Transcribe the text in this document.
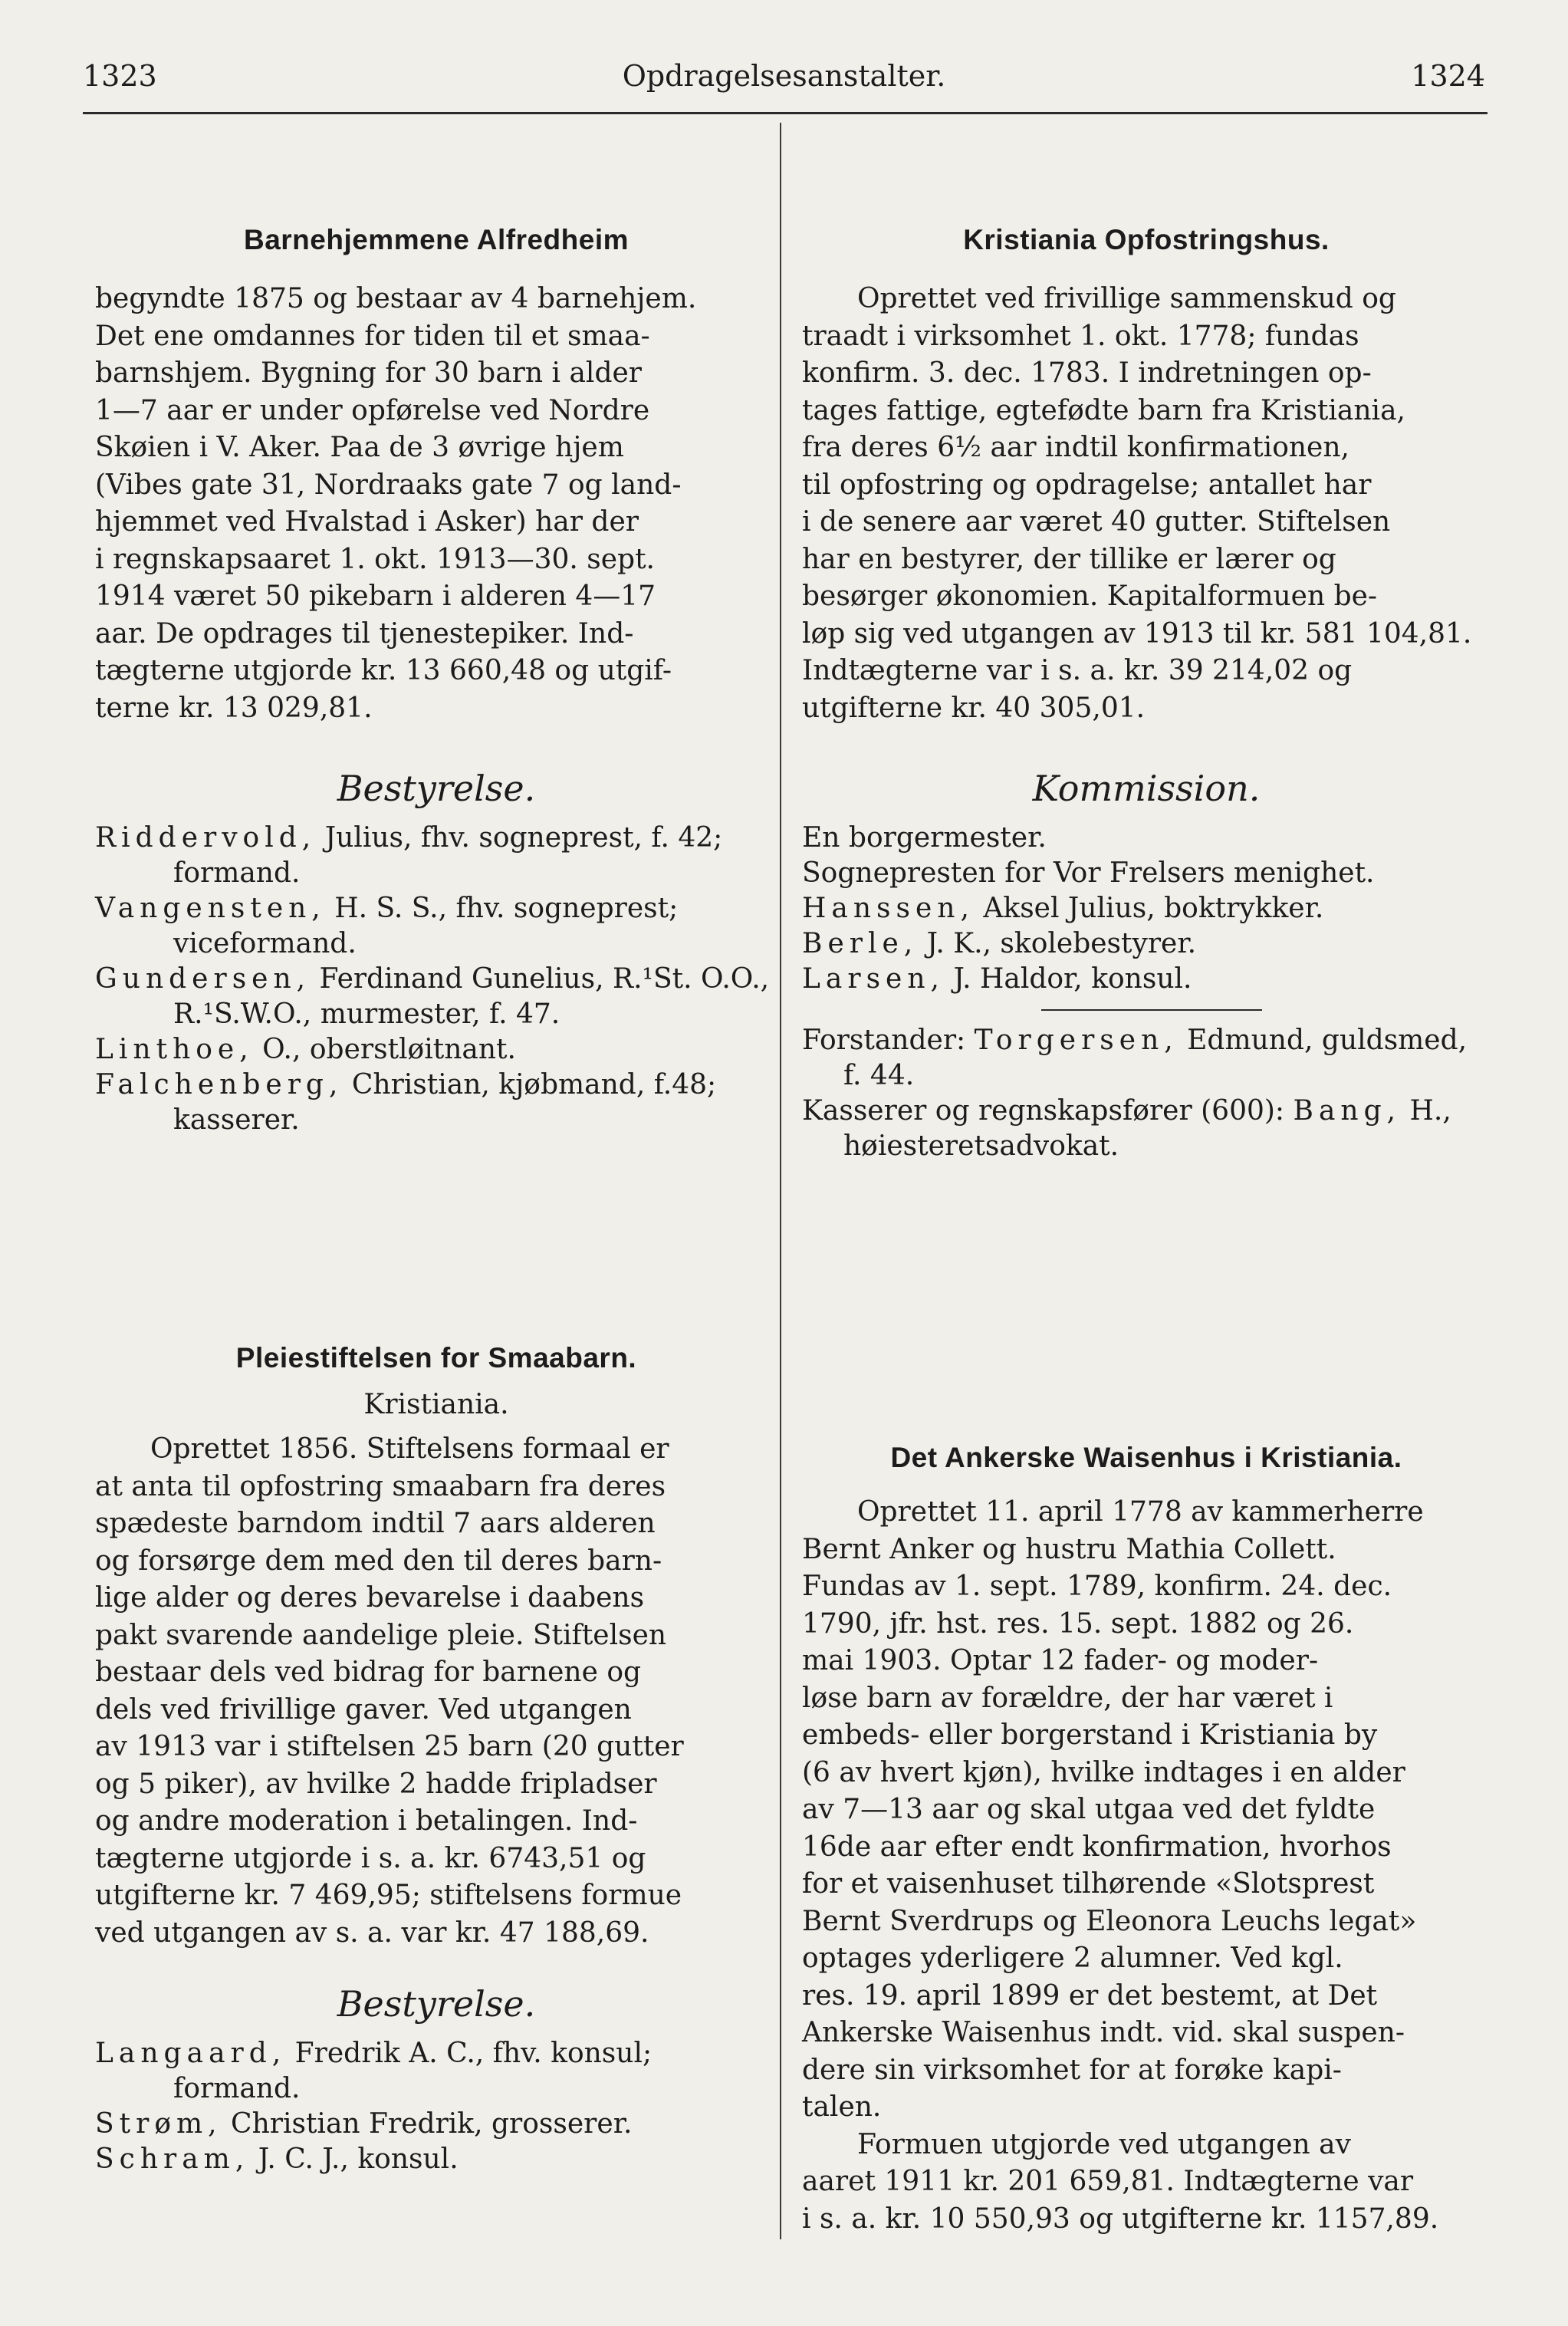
1323	Opdragelsesanstalter.	1324
Barnehjemmene Alfredheim
begyndte 1875 og bestaar av 4 barnehjem.
Det ene omdannes for tiden til et smaa-
barnshjem. Bygning for 30 barn i alder
1—7 aar er under opførelse ved Nordre
Skøien i V. Aker. Paa de 3 øvrige hjem
(Vibes gate 31, Nordraaks gate 7 og land-
hjemmet ved Hvalstad i Asker) har der
i regnskapsaaret 1. okt. 1913—30. sept.
1914 været 50 pikebarn i alderen 4—17
aar. De opdrages til tjenestepiker. Ind-
tægterne utgjorde kr. 13 660,48 og utgif-
terne kr. 13 029,81.
Bestyrelse.
Riddervold, Julius, fhv. sogneprest, f. 42; formand.
Vangensten, H. S. S., fhv. sogneprest; viceformand.
Gundersen, Ferdinand Gunelius, R.¹St. O.O., R.¹S.W.O., murmester, f. 47.
Linthoe, O., oberstløitnant.
Falchenberg, Christian, kjøbmand, f.48; kasserer.
Pleiestiftelsen for Smaabarn.
Kristiania.
Oprettet 1856. Stiftelsens formaal er
at anta til opfostring smaabarn fra deres
spædeste barndom indtil 7 aars alderen
og forsørge dem med den til deres barn-
lige alder og deres bevarelse i daabens
pakt svarende aandelige pleie. Stiftelsen
bestaar dels ved bidrag for barnene og
dels ved frivillige gaver. Ved utgangen
av 1913 var i stiftelsen 25 barn (20 gutter
og 5 piker), av hvilke 2 hadde fripladser
og andre moderation i betalingen. Ind-
tægterne utgjorde i s. a. kr. 6743,51 og
utgifterne kr. 7 469,95; stiftelsens formue
ved utgangen av s. a. var kr. 47 188,69.
Bestyrelse.
Langaard, Fredrik A. C., fhv. konsul; formand.
Strøm, Christian Fredrik, grosserer.
Schram, J. C. J., konsul.
Kristiania Opfostringshus.
Oprettet ved frivillige sammenskud og
traadt i virksomhet 1. okt. 1778; fundas
konfirm. 3. dec. 1783. I indretningen op-
tages fattige, egtefødte barn fra Kristiania,
fra deres 6½ aar indtil konfirmationen,
til opfostring og opdragelse; antallet har
i de senere aar været 40 gutter. Stiftelsen
har en bestyrer, der tillike er lærer og
besørger økonomien. Kapitalformuen be-
løp sig ved utgangen av 1913 til kr. 581 104,81.
Indtægterne var i s. a. kr. 39 214,02 og
utgifterne kr. 40 305,01.
Kommission.
En borgermester.
Sognepresten for Vor Frelsers menighet.
Hanssen, Aksel Julius, boktrykker.
Berle, J. K., skolebestyrer.
Larsen, J. Haldor, konsul.
Forstander: Torgersen, Edmund, guldsmed, f. 44.
Kasserer og regnskapsfører (600): Bang, H., høiesteretsadvokat.
Det Ankerske Waisenhus i Kristiania.
Oprettet 11. april 1778 av kammerherre
Bernt Anker og hustru Mathia Collett.
Fundas av 1. sept. 1789, konfirm. 24. dec.
1790, jfr. hst. res. 15. sept. 1882 og 26.
mai 1903. Optar 12 fader- og moder-
løse barn av forældre, der har været i
embeds- eller borgerstand i Kristiania by
(6 av hvert kjøn), hvilke indtages i en alder
av 7—13 aar og skal utgaa ved det fyldte
16de aar efter endt konfirmation, hvorhos
for et vaisenhuset tilhørende «Slotsprest
Bernt Sverdrups og Eleonora Leuchs legat»
optages yderligere 2 alumner. Ved kgl.
res. 19. april 1899 er det bestemt, at Det
Ankerske Waisenhus indt. vid. skal suspen-
dere sin virksomhet for at forøke kapi-
talen.
Formuen utgjorde ved utgangen av
aaret 1911 kr. 201 659,81. Indtægterne var
i s. a. kr. 10 550,93 og utgifterne kr. 1157,89.
